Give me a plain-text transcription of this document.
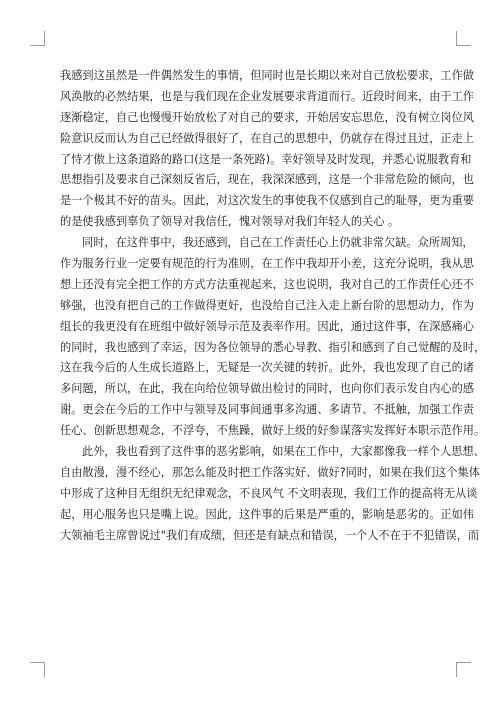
我感到这虽然是一件偶然发生的事情，但同时也是长期以来对自己放松要求，工作做
风涣散的必然结果，也是与我们现在企业发展要求背道而行。近段时间来，由于工作
逐渐稳定，自己也慢慢开始放松了对自己的要求，开始居安忘思危，没有树立岗位风
险意识反而认为自己已经做得很好了，在自己的思想中，仍就存在得过且过，正走上
了恃才傲上这条道路的路口(这是一条死路)。幸好领导及时发现，并悉心说服教育和
思想指引及要求自己深刻反省后，现在，我深深感到，这是一个非常危险的倾向，也
是一个极其不好的苗头。因此，对这次发生的事使我不仅感到自己的耻辱，更为重要
的是使我感到辜负了领导对我信任，愧对领导对我们年轻人的关心 。
同时，在这件事中，我还感到，自己在工作责任心上仍就非常欠缺。众所周知，
作为服务行业一定要有规范的行为准则，在工作中我却开小差，这充分说明，我从思
想上还没有完全把工作的方式方法重视起来，这也说明，我对自己的工作责任心还不
够强，也没有把自己的工作做得更好，也没给自己注入走上新台阶的思想动力，作为
组长的我更没有在班组中做好领导示范及表率作用。因此，通过这件事，在深感痛心
的同时，我也感到了幸运，因为各位领导的悉心导教、指引和感到了自己觉醒的及时，
这在我今后的人生成长道路上，无疑是一次关键的转折。此外，我也发现了自己的诸
多问题，所以，在此，我在向给位领导做出检讨的同时，也向你们表示发自内心的感
谢。更会在今后的工作中与领导及同事间通事多沟通、多请节、不抵触，加强工作责
任心、创新思想观念，不浮夸，不焦躁，做好上级的好参谋落实发挥好本职示范作用。
此外，我也看到了这件事的恶劣影响，如果在工作中，大家都像我一样个人思想、
自由散漫，漫不经心，那怎么能及时把工作落实好、做好?同时，如果在我们这个集体
中形成了这种目无组织无纪律观念，不良风气 不文明表现，我们工作的提高将无从谈
起，用心服务也只是嘴上说。因此，这件事的后果是严重的，影响是恶劣的。正如伟
大领袖毛主席曾说过"我们有成绩，但还是有缺点和错误，一个人不在于不犯错误，而
